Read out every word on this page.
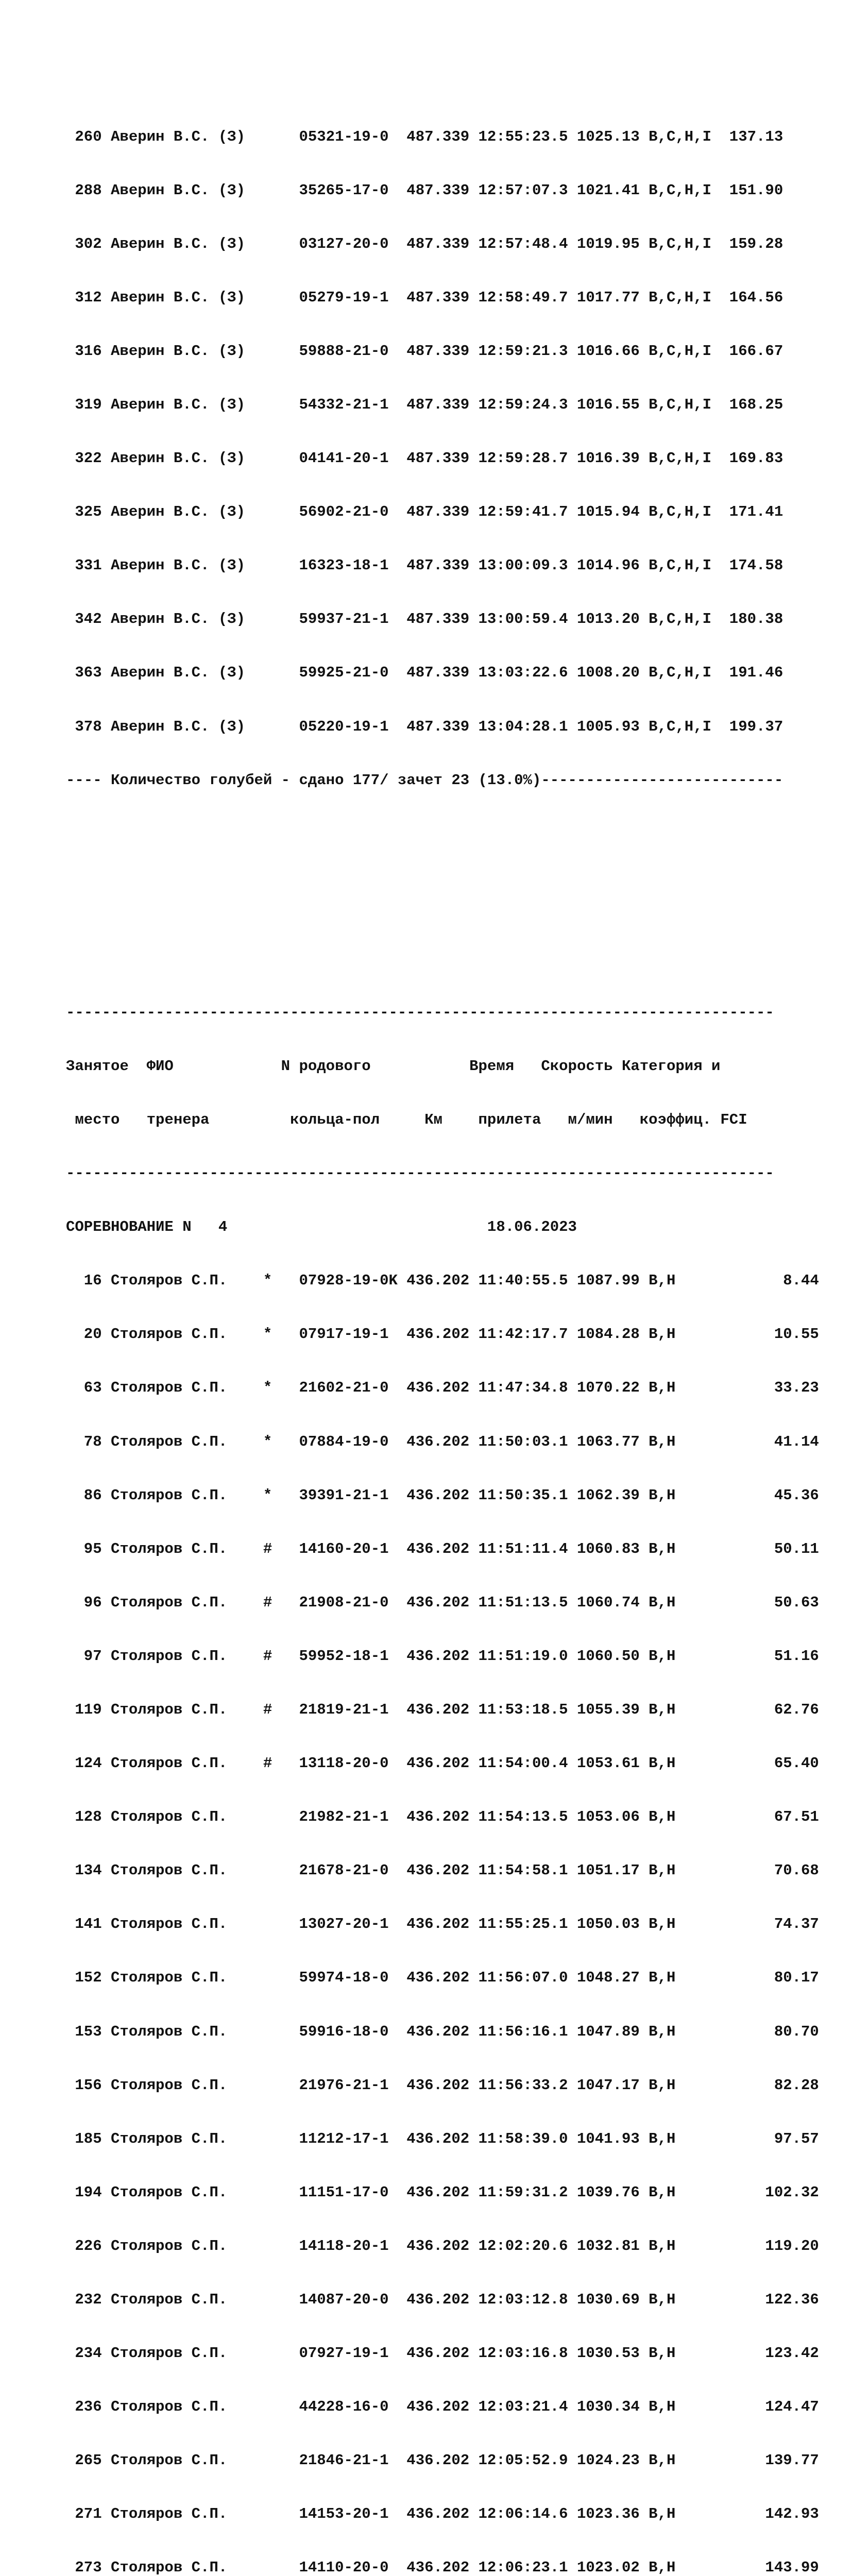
260 Аверин В.С. (З)      05321-19-0  487.339 12:55:23.5 1025.13 B,C,H,I  137.13

288 Аверин В.С. (З)      35265-17-0  487.339 12:57:07.3 1021.41 B,C,H,I  151.90

302 Аверин В.С. (З)      03127-20-0  487.339 12:57:48.4 1019.95 B,C,H,I  159.28

312 Аверин В.С. (З)      05279-19-1  487.339 12:58:49.7 1017.77 B,C,H,I  164.56

316 Аверин В.С. (З)      59888-21-0  487.339 12:59:21.3 1016.66 B,C,H,I  166.67

319 Аверин В.С. (З)      54332-21-1  487.339 12:59:24.3 1016.55 B,C,H,I  168.25

322 Аверин В.С. (З)      04141-20-1  487.339 12:59:28.7 1016.39 B,C,H,I  169.83

325 Аверин В.С. (З)      56902-21-0  487.339 12:59:41.7 1015.94 B,C,H,I  171.41

331 Аверин В.С. (З)      16323-18-1  487.339 13:00:09.3 1014.96 B,C,H,I  174.58

342 Аверин В.С. (З)      59937-21-1  487.339 13:00:59.4 1013.20 B,C,H,I  180.38

363 Аверин В.С. (З)      59925-21-0  487.339 13:03:22.6 1008.20 B,C,H,I  191.46

378 Аверин В.С. (З)      05220-19-1  487.339 13:04:28.1 1005.93 B,C,H,I  199.37

---- Количество голубей - сдано 177/ зачет 23 (13.0%)---------------------------

-------------------------------------------------------------------------------

Занятое  ФИО            N родового           Время   Скорость Категория и

место   тренера         кольца-пол     Км    прилета   м/мин   коэффиц. FCI

-------------------------------------------------------------------------------

СОРЕВНОВАНИЕ N   4                             18.06.2023

16 Столяров С.П.    *   07928-19-0K 436.202 11:40:55.5 1087.99 B,H            8.44

20 Столяров С.П.    *   07917-19-1  436.202 11:42:17.7 1084.28 B,H           10.55

63 Столяров С.П.    *   21602-21-0  436.202 11:47:34.8 1070.22 B,H           33.23

78 Столяров С.П.    *   07884-19-0  436.202 11:50:03.1 1063.77 B,H           41.14

86 Столяров С.П.    *   39391-21-1  436.202 11:50:35.1 1062.39 B,H           45.36

95 Столяров С.П.    #   14160-20-1  436.202 11:51:11.4 1060.83 B,H           50.11

96 Столяров С.П.    #   21908-21-0  436.202 11:51:13.5 1060.74 B,H           50.63

97 Столяров С.П.    #   59952-18-1  436.202 11:51:19.0 1060.50 B,H           51.16

119 Столяров С.П.    #   21819-21-1  436.202 11:53:18.5 1055.39 B,H           62.76

124 Столяров С.П.    #   13118-20-0  436.202 11:54:00.4 1053.61 B,H           65.40

128 Столяров С.П.        21982-21-1  436.202 11:54:13.5 1053.06 B,H           67.51

134 Столяров С.П.        21678-21-0  436.202 11:54:58.1 1051.17 B,H           70.68

141 Столяров С.П.        13027-20-1  436.202 11:55:25.1 1050.03 B,H           74.37

152 Столяров С.П.        59974-18-0  436.202 11:56:07.0 1048.27 B,H           80.17

153 Столяров С.П.        59916-18-0  436.202 11:56:16.1 1047.89 B,H           80.70

156 Столяров С.П.        21976-21-1  436.202 11:56:33.2 1047.17 B,H           82.28

185 Столяров С.П.        11212-17-1  436.202 11:58:39.0 1041.93 B,H           97.57

194 Столяров С.П.        11151-17-0  436.202 11:59:31.2 1039.76 B,H          102.32

226 Столяров С.П.        14118-20-1  436.202 12:02:20.6 1032.81 B,H          119.20

232 Столяров С.П.        14087-20-0  436.202 12:03:12.8 1030.69 B,H          122.36

234 Столяров С.П.        07927-19-1  436.202 12:03:16.8 1030.53 B,H          123.42

236 Столяров С.П.        44228-16-0  436.202 12:03:21.4 1030.34 B,H          124.47

265 Столяров С.П.        21846-21-1  436.202 12:05:52.9 1024.23 B,H          139.77

271 Столяров С.П.        14153-20-1  436.202 12:06:14.6 1023.36 B,H          142.93

273 Столяров С.П.        14110-20-0  436.202 12:06:23.1 1023.02 B,H          143.99
